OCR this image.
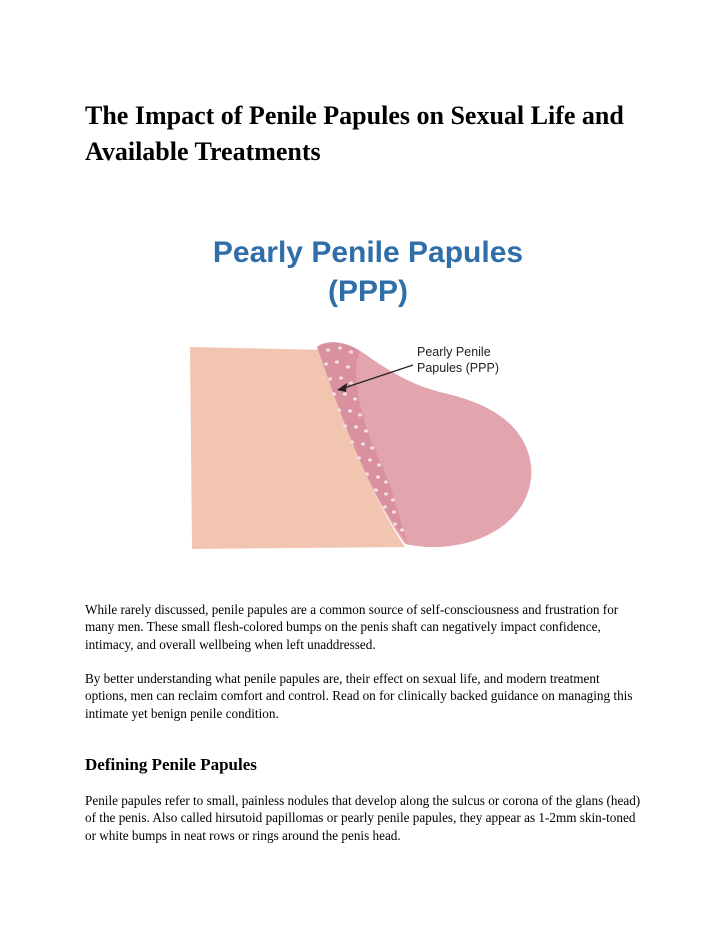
The Impact of Penile Papules on Sexual Life and Available Treatments
Pearly Penile Papules
(PPP)
Pearly Penile
Papules (PPP)

While rarely discussed, penile papules are a common source of self-consciousness and frustration for many men. These small flesh-colored bumps on the penis shaft can negatively impact confidence, intimacy, and overall wellbeing when left unaddressed.

By better understanding what penile papules are, their effect on sexual life, and modern treatment options, men can reclaim comfort and control. Read on for clinically backed guidance on managing this intimate yet benign penile condition.

Defining Penile Papules

Penile papules refer to small, painless nodules that develop along the sulcus or corona of the glans (head) of the penis. Also called hirsutoid papillomas or pearly penile papules, they appear as 1-2mm skin-toned or white bumps in neat rows or rings around the penis head.
